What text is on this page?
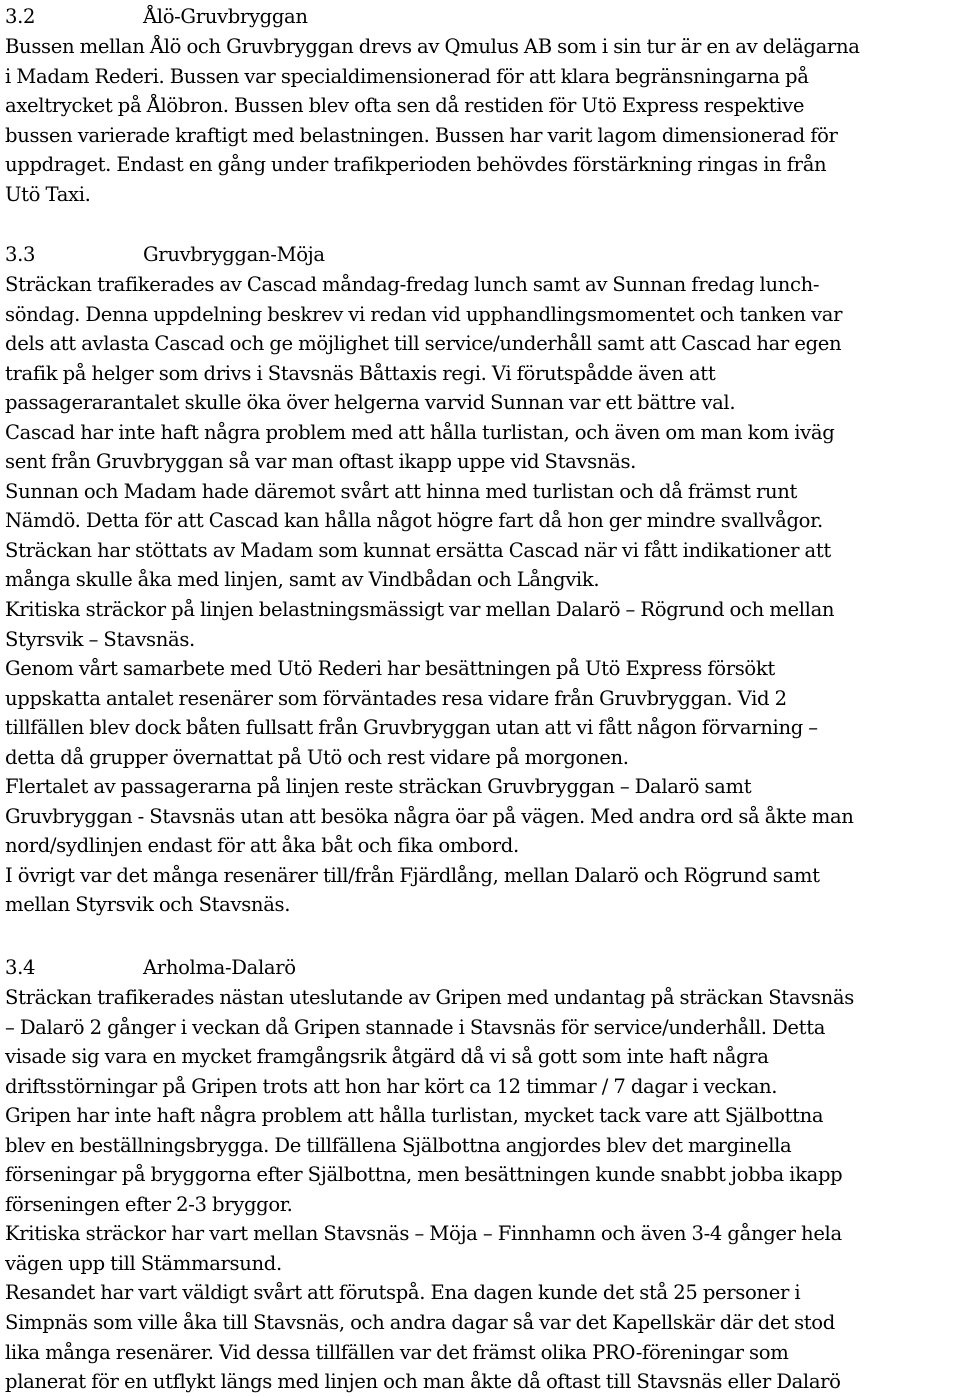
3.2	Ålö-Gruvbryggan
Bussen mellan Ålö och Gruvbryggan drevs av Qmulus AB som i sin tur är en av delägarna
i Madam Rederi. Bussen var specialdimensionerad för att klara begränsningarna på
axeltrycket på Ålöbron. Bussen blev ofta sen då restiden för Utö Express respektive
bussen varierade kraftigt med belastningen. Bussen har varit lagom dimensionerad för
uppdraget. Endast en gång under trafikperioden behövdes förstärkning ringas in från
Utö Taxi.
3.3	Gruvbryggan-Möja
Sträckan trafikerades av Cascad måndag-fredag lunch samt av Sunnan fredag lunch-
söndag. Denna uppdelning beskrev vi redan vid upphandlingsmomentet och tanken var
dels att avlasta Cascad och ge möjlighet till service/underhåll samt att Cascad har egen
trafik på helger som drivs i Stavsnäs Båttaxis regi. Vi förutspådde även att
passagerarantalet skulle öka över helgerna varvid Sunnan var ett bättre val.
Cascad har inte haft några problem med att hålla turlistan, och även om man kom iväg
sent från Gruvbryggan så var man oftast ikapp uppe vid Stavsnäs.
Sunnan och Madam hade däremot svårt att hinna med turlistan och då främst runt
Nämdö. Detta för att Cascad kan hålla något högre fart då hon ger mindre svallvågor.
Sträckan har stöttats av Madam som kunnat ersätta Cascad när vi fått indikationer att
många skulle åka med linjen, samt av Vindbådan och Långvik.
Kritiska sträckor på linjen belastningsmässigt var mellan Dalarö – Rögrund och mellan
Styrsvik – Stavsnäs.
Genom vårt samarbete med Utö Rederi har besättningen på Utö Express försökt
uppskatta antalet resenärer som förväntades resa vidare från Gruvbryggan. Vid 2
tillfällen blev dock båten fullsatt från Gruvbryggan utan att vi fått någon förvarning –
detta då grupper övernattat på Utö och rest vidare på morgonen.
Flertalet av passagerarna på linjen reste sträckan Gruvbryggan – Dalarö samt
Gruvbryggan - Stavsnäs utan att besöka några öar på vägen. Med andra ord så åkte man
nord/sydlinjen endast för att åka båt och fika ombord.
I övrigt var det många resenärer till/från Fjärdlång, mellan Dalarö och Rögrund samt
mellan Styrsvik och Stavsnäs.
3.4	Arholma-Dalarö
Sträckan trafikerades nästan uteslutande av Gripen med undantag på sträckan Stavsnäs
– Dalarö 2 gånger i veckan då Gripen stannade i Stavsnäs för service/underhåll. Detta
visade sig vara en mycket framgångsrik åtgärd då vi så gott som inte haft några
driftsstörningar på Gripen trots att hon har kört ca 12 timmar / 7 dagar i veckan.
Gripen har inte haft några problem att hålla turlistan, mycket tack vare att Själbottna
blev en beställningsbrygga. De tillfällena Själbottna angjordes blev det marginella
förseningar på bryggorna efter Själbottna, men besättningen kunde snabbt jobba ikapp
förseningen efter 2-3 bryggor.
Kritiska sträckor har vart mellan Stavsnäs – Möja – Finnhamn och även 3-4 gånger hela
vägen upp till Stämmarsund.
Resandet har vart väldigt svårt att förutspå. Ena dagen kunde det stå 25 personer i
Simpnäs som ville åka till Stavsnäs, och andra dagar så var det Kapellskär där det stod
lika många resenärer. Vid dessa tillfällen var det främst olika PRO-föreningar som
planerat för en utflykt längs med linjen och man åkte då oftast till Stavsnäs eller Dalarö
